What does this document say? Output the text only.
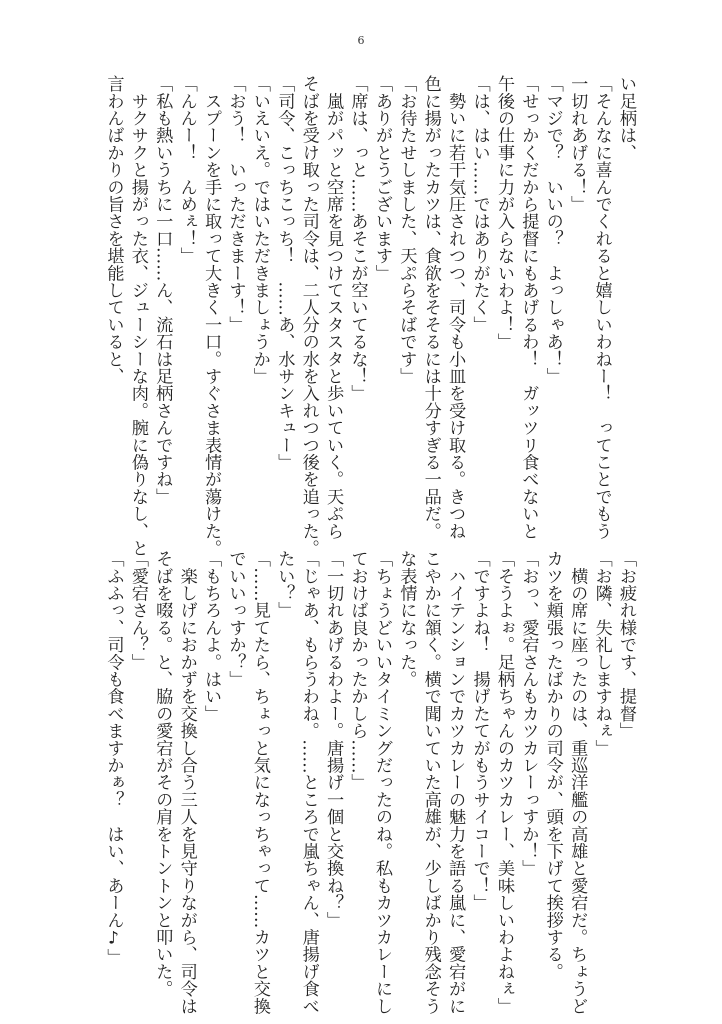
6
い足柄は、
「そんなに喜んでくれると嬉しいわねー！　ってことでもう
一切れあげる！」
「マジで？　いいの？　よっしゃあ！」
「せっかくだから提督にもあげるわ！　ガッツリ食べないと
午後の仕事に力が入らないわよ！」
「は、はい……ではありがたく」
　勢いに若干気圧されつつ、司令も小皿を受け取る。きつね
色に揚がったカツは、食欲をそそるには十分すぎる一品だ。
「お待たせしました、天ぷらそばです」
「ありがとうございます」
「席は、っと……あそこが空いてるな！」
　嵐がパッと空席を見つけてスタスタと歩いていく。天ぷら
そばを受け取った司令は、二人分の水を入れつつ後を追った。
「司令、こっちこっち！　……あ、水サンキュー」
「いえいえ。ではいただきましょうか」
「おう！　いっただきまーす！」
　スプーンを手に取って大きく一口。すぐさま表情が蕩けた。
「んんー！　んめぇ！」
「私も熱いうちに一口……ん、流石は足柄さんですね」
　サクサクと揚がった衣、ジューシーな肉。腕に偽りなし、と
言わんばかりの旨さを堪能していると、
「お疲れ様です、提督」
「お隣、失礼しますねぇ」
　横の席に座ったのは、重巡洋艦の高雄と愛宕だ。ちょうど
カツを頬張ったばかりの司令が、頭を下げて挨拶する。
「おっ、愛宕さんもカツカレーっすか！」
「そうよぉ。足柄ちゃんのカツカレー、美味しいわよねぇ」
「ですよね！　揚げたてがもうサイコーで！」
　ハイテンションでカツカレーの魅力を語る嵐に、愛宕がに
こやかに頷く。横で聞いていた高雄が、少しばかり残念そう
な表情になった。
「ちょうどいいタイミングだったのね。私もカツカレーにし
ておけば良かったかしら……」
「一切れあげるわよー。唐揚げ一個と交換ね？」
「じゃあ、もらうわね。……ところで嵐ちゃん、唐揚げ食べ
たい？」
「……見てたら、ちょっと気になっちゃって……カツと交換
でいいっすか？」
「もちろんよ。はい」
　楽しげにおかずを交換し合う三人を見守りながら、司令は
そばを啜る。と、脇の愛宕がその肩をトントンと叩いた。
「愛宕さん？」
「ふふっ、司令も食べますかぁ？　はい、あーん♪」
